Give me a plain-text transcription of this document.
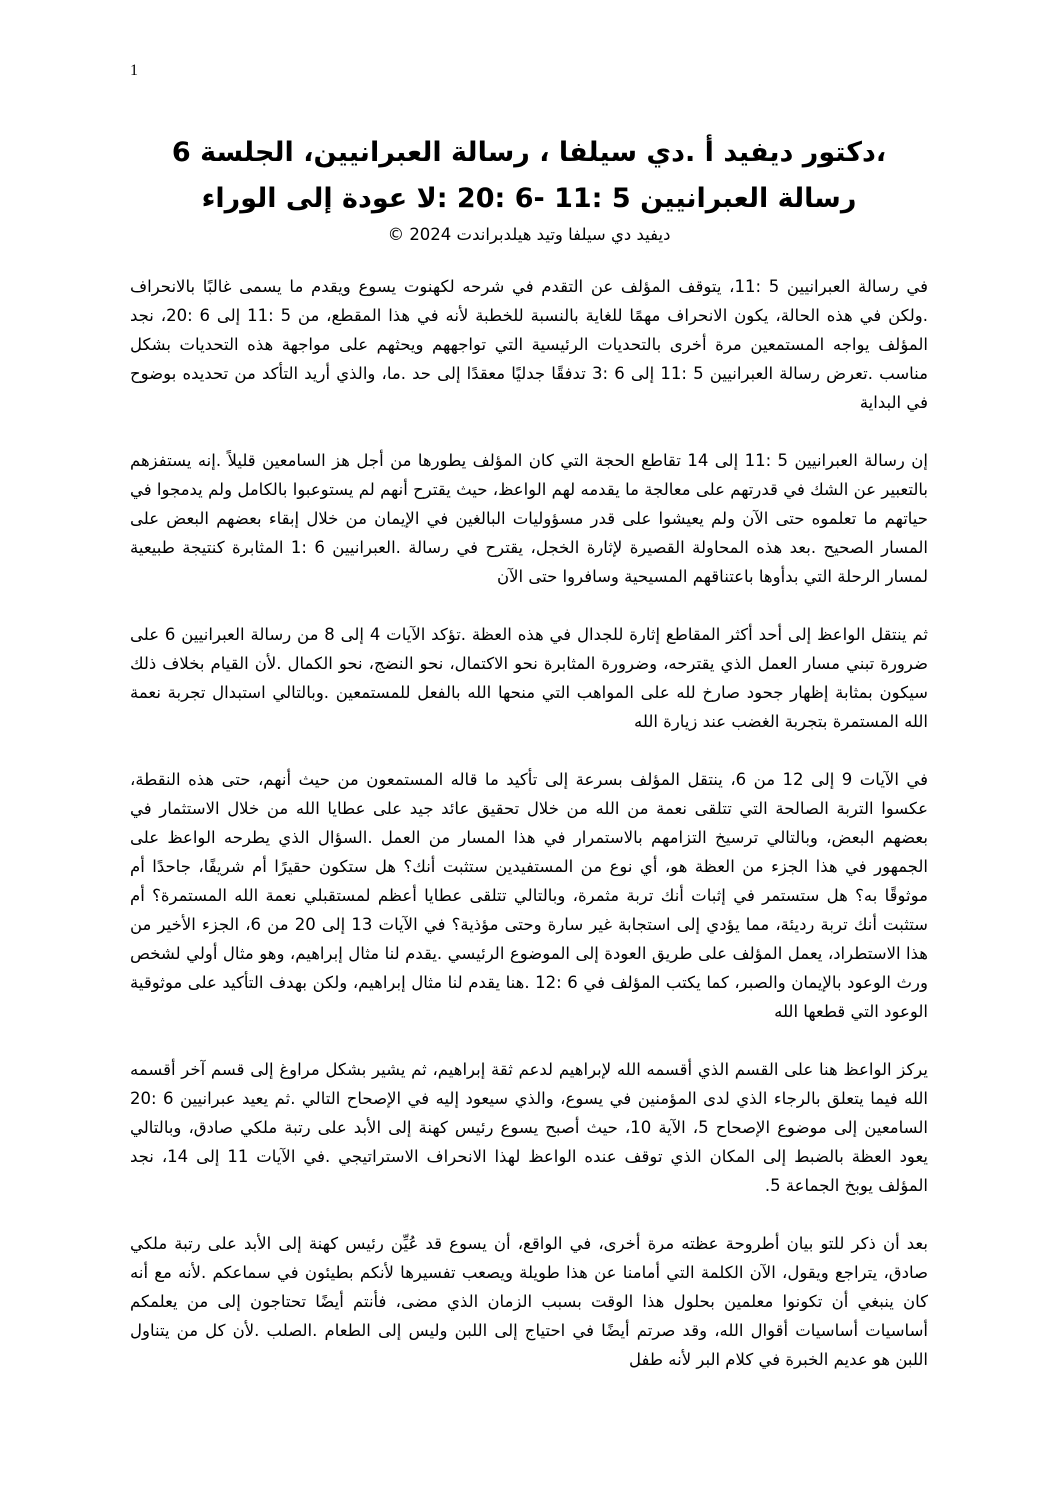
1

،دكتور ديفيد أ .دي سيلفا ، رسالة العبرانيين، الجلسة 6

رسالة العبرانيين 5 :11 -6 :20 :لا عودة إلى الوراء

ديفيد دي سيلفا وتيد هيلدبراندت 2024 ©

في رسالة العبرانيين 5 :11، يتوقف المؤلف عن التقدم في شرحه لكهنوت يسوع ويقدم ما يسمى غالبًا بالانحراف .ولكن في هذه الحالة، يكون الانحراف مهمًا للغاية بالنسبة للخطبة لأنه في هذا المقطع، من 5 :11 إلى 6 :20، نجد المؤلف يواجه المستمعين مرة أخرى بالتحديات الرئيسية التي تواجههم ويحثهم على مواجهة هذه التحديات بشكل مناسب .تعرض رسالة العبرانيين 5 :11 إلى 6 :3 تدفقًا جدليًا معقدًا إلى حد .ما، والذي أريد التأكد من تحديده بوضوح في البداية

إن رسالة العبرانيين 5 :11 إلى 14 تقاطع الحجة التي كان المؤلف يطورها من أجل هز السامعين قليلاً .إنه يستفزهم بالتعبير عن الشك في قدرتهم على معالجة ما يقدمه لهم الواعظ، حيث يقترح أنهم لم يستوعبوا بالكامل ولم يدمجوا في حياتهم ما تعلموه حتى الآن ولم يعيشوا على قدر مسؤوليات البالغين في الإيمان من خلال إبقاء بعضهم البعض على المسار الصحيح .بعد هذه المحاولة القصيرة لإثارة الخجل، يقترح في رسالة .العبرانيين 6 :1 المثابرة كنتيجة طبيعية لمسار الرحلة التي بدأوها باعتناقهم المسيحية وسافروا حتى الآن

ثم ينتقل الواعظ إلى أحد أكثر المقاطع إثارة للجدال في هذه العظة .تؤكد الآيات 4 إلى 8 من رسالة العبرانيين 6 على ضرورة تبني مسار العمل الذي يقترحه، وضرورة المثابرة نحو الاكتمال، نحو النضج، نحو الكمال .لأن القيام بخلاف ذلك سيكون بمثابة إظهار جحود صارخ لله على المواهب التي منحها الله بالفعل للمستمعين .وبالتالي استبدال تجربة نعمة الله المستمرة بتجربة الغضب عند زيارة الله

في الآيات 9 إلى 12 من 6، ينتقل المؤلف بسرعة إلى تأكيد ما قاله المستمعون من حيث أنهم، حتى هذه النقطة، عكسوا التربة الصالحة التي تتلقى نعمة من الله من خلال تحقيق عائد جيد على عطايا الله من خلال الاستثمار في بعضهم البعض، وبالتالي ترسيخ التزامهم بالاستمرار في هذا المسار من العمل .السؤال الذي يطرحه الواعظ على الجمهور في هذا الجزء من العظة هو، أي نوع من المستفيدين ستثبت أنك؟ هل ستكون حقيرًا أم شريفًا، جاحدًا أم موثوقًا به؟ هل ستستمر في إثبات أنك تربة مثمرة، وبالتالي تتلقى عطايا أعظم لمستقبلي نعمة الله المستمرة؟ أم ستثبت أنك تربة رديئة، مما يؤدي إلى استجابة غير سارة وحتى مؤذية؟ في الآيات 13 إلى 20 من 6، الجزء الأخير من هذا الاستطراد، يعمل المؤلف على طريق العودة إلى الموضوع الرئيسي .يقدم لنا مثال إبراهيم، وهو مثال أولي لشخص ورث الوعود بالإيمان والصبر، كما يكتب المؤلف في 6 :12 .هنا يقدم لنا مثال إبراهيم، ولكن بهدف التأكيد على موثوقية الوعود التي قطعها الله

يركز الواعظ هنا على القسم الذي أقسمه الله لإبراهيم لدعم ثقة إبراهيم، ثم يشير بشكل مراوغ إلى قسم آخر أقسمه الله فيما يتعلق بالرجاء الذي لدى المؤمنين في يسوع، والذي سيعود إليه في الإصحاح التالي .ثم يعيد عبرانيين 6 :20 السامعين إلى موضوع الإصحاح 5، الآية 10، حيث أصبح يسوع رئيس كهنة إلى الأبد على رتبة ملكي صادق، وبالتالي يعود العظة بالضبط إلى المكان الذي توقف عنده الواعظ لهذا الانحراف الاستراتيجي .في الآيات 11 إلى 14، نجد المؤلف يوبخ الجماعة 5.

بعد أن ذكر للتو بيان أطروحة عظته مرة أخرى، في الواقع، أن يسوع قد عُيِّن رئيس كهنة إلى الأبد على رتبة ملكي صادق، يتراجع ويقول، الآن الكلمة التي أمامنا عن هذا طويلة ويصعب تفسيرها لأنكم بطيئون في سماعكم .لأنه مع أنه كان ينبغي أن تكونوا معلمين بحلول هذا الوقت بسبب الزمان الذي مضى، فأنتم أيضًا تحتاجون إلى من يعلمكم أساسيات أساسيات أقوال الله، وقد صرتم أيضًا في احتياج إلى اللبن وليس إلى الطعام .الصلب .لأن كل من يتناول اللبن هو عديم الخبرة في كلام البر لأنه طفل
